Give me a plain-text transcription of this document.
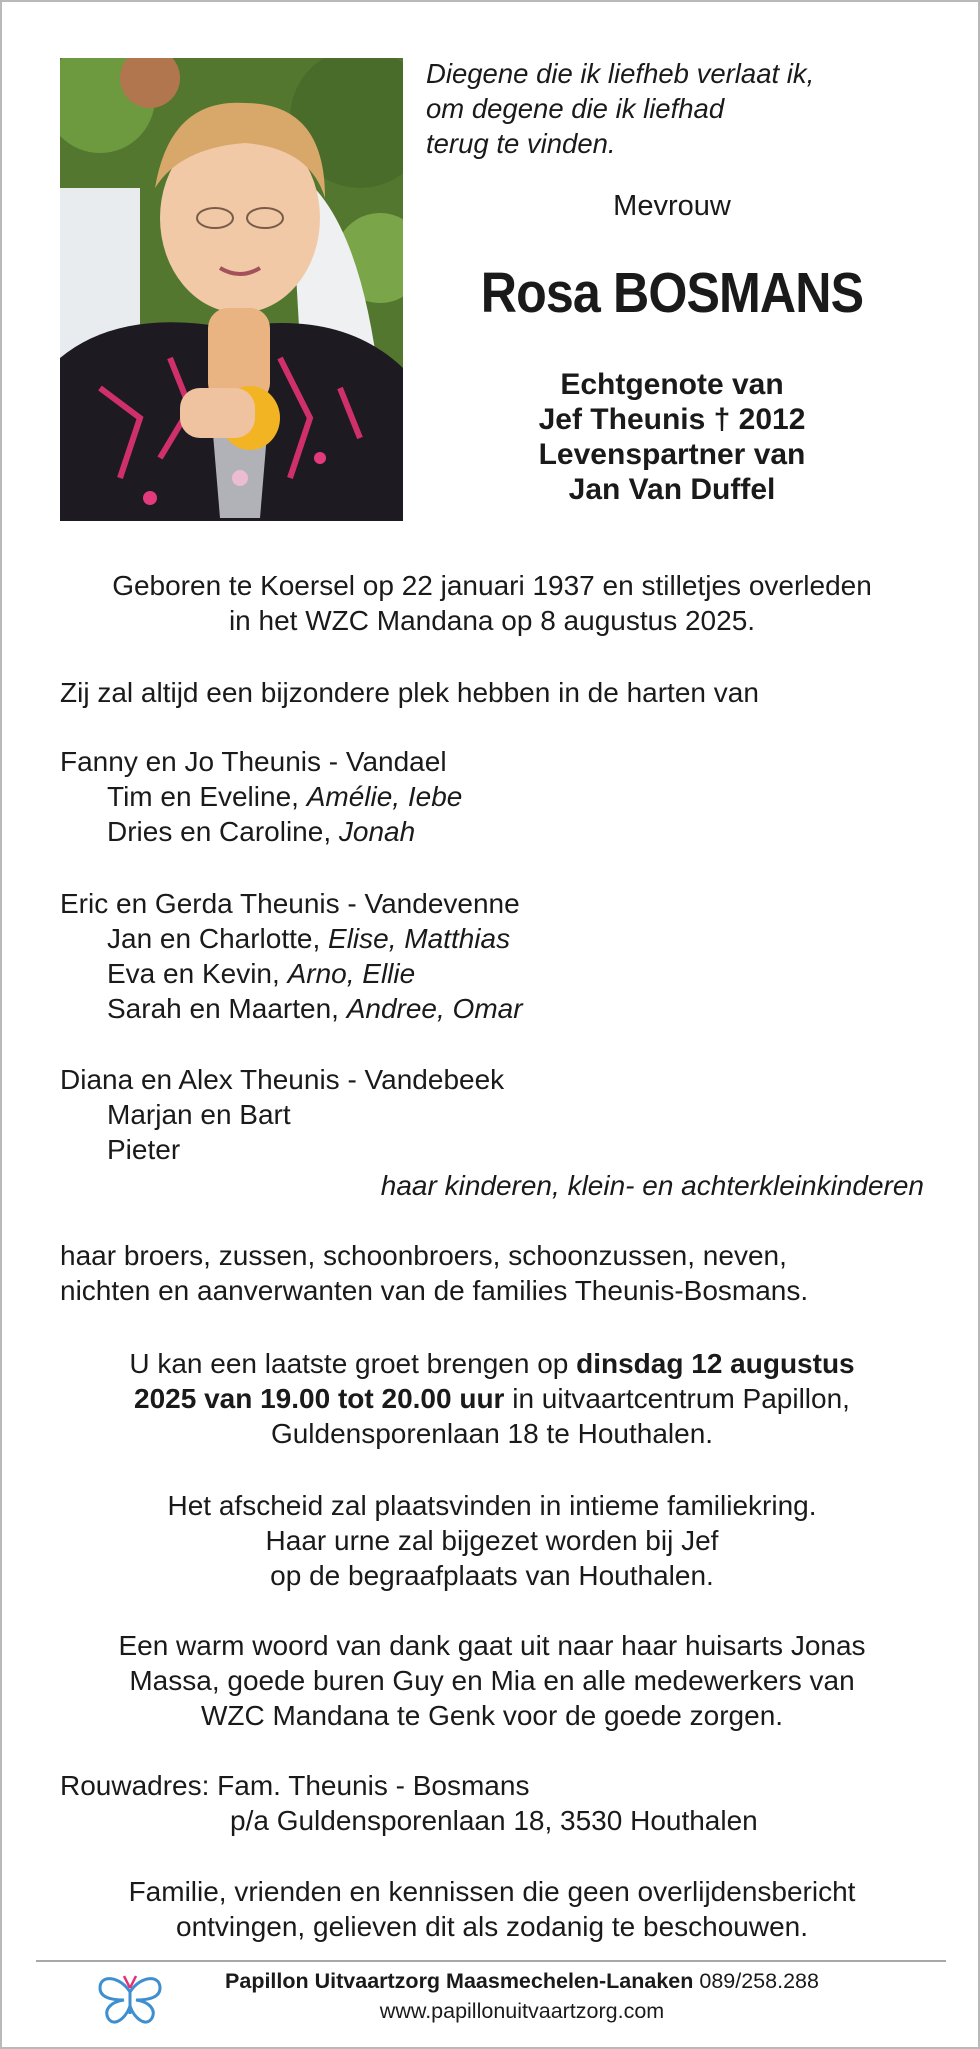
Diegene die ik liefheb verlaat ik,
om degene die ik liefhad
terug te vinden.
Mevrouw
Rosa BOSMANS
Echtgenote van
Jef Theunis † 2012
Levenspartner van
Jan Van Duffel
Geboren te Koersel op 22 januari 1937 en stilletjes overleden
in het WZC Mandana op 8 augustus 2025.
Zij zal altijd een bijzondere plek hebben in de harten van
Fanny en Jo Theunis - Vandael
Tim en Eveline, Amélie, Iebe
Dries en Caroline, Jonah
Eric en Gerda Theunis - Vandevenne
Jan en Charlotte, Elise, Matthias
Eva en Kevin, Arno, Ellie
Sarah en Maarten, Andree, Omar
Diana en Alex Theunis - Vandebeek
Marjan en Bart
Pieter
haar kinderen, klein- en achterkleinkinderen
haar broers, zussen, schoonbroers, schoonzussen, neven,
nichten en aanverwanten van de families Theunis-Bosmans.
U kan een laatste groet brengen op dinsdag 12 augustus
2025 van 19.00 tot 20.00 uur in uitvaartcentrum Papillon,
Guldensporenlaan 18 te Houthalen.
Het afscheid zal plaatsvinden in intieme familiekring.
Haar urne zal bijgezet worden bij Jef
op de begraafplaats van Houthalen.
Een warm woord van dank gaat uit naar haar huisarts Jonas
Massa, goede buren Guy en Mia en alle medewerkers van
WZC Mandana te Genk voor de goede zorgen.
Rouwadres: Fam. Theunis - Bosmans
p/a Guldensporenlaan 18, 3530 Houthalen
Familie, vrienden en kennissen die geen overlijdensbericht
ontvingen, gelieven dit als zodanig te beschouwen.
Papillon Uitvaartzorg Maasmechelen-Lanaken 089/258.288
www.papillonuitvaartzorg.com
